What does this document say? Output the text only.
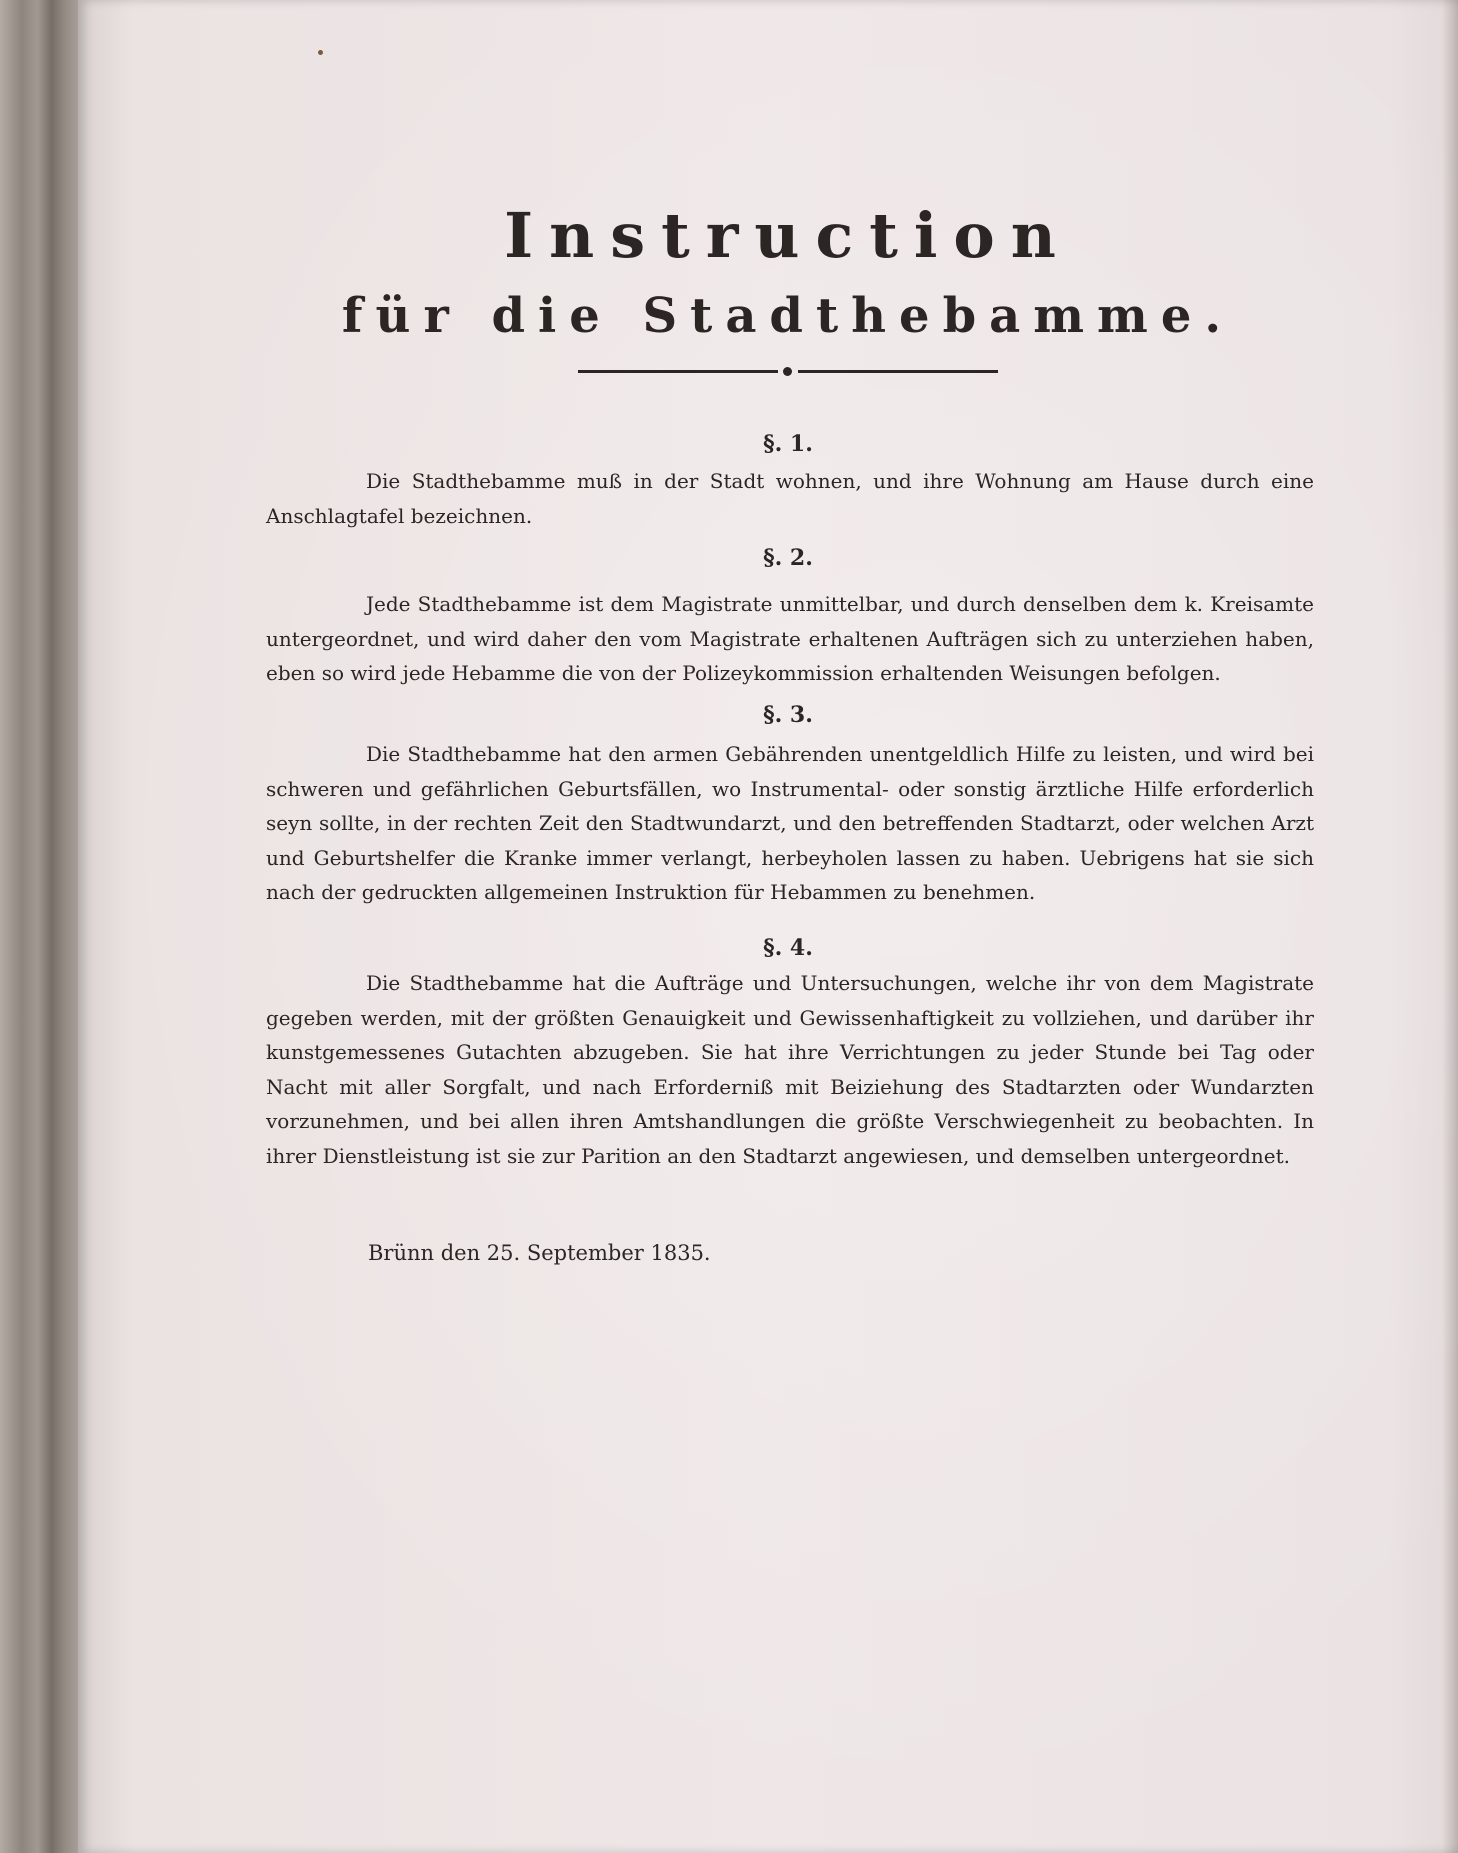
Instruction
für die Stadthebamme.
§. 1.

Die Stadthebamme muß in der Stadt wohnen, und ihre Wohnung am Hause durch eine Anschlagtafel bezeichnen.

§. 2.

Jede Stadthebamme ist dem Magistrate unmittelbar, und durch denselben dem k. Kreisamte untergeordnet, und wird daher den vom Magistrate erhaltenen Aufträgen sich zu unterziehen haben, eben so wird jede Hebamme die von der Polizeykommission erhaltenden Weisungen befolgen.

§. 3.

Die Stadthebamme hat den armen Gebährenden unentgeldlich Hilfe zu leisten, und wird bei schweren und gefährlichen Geburtsfällen, wo Instrumental- oder sonstig ärztliche Hilfe erforderlich seyn sollte, in der rechten Zeit den Stadtwundarzt, und den betreffenden Stadtarzt, oder welchen Arzt und Geburtshelfer die Kranke immer verlangt, herbeyholen lassen zu haben. Uebrigens hat sie sich nach der gedruckten allgemeinen Instruktion für Hebammen zu benehmen.

§. 4.

Die Stadthebamme hat die Aufträge und Untersuchungen, welche ihr von dem Magistrate gegeben werden, mit der größten Genauigkeit und Gewissenhaftigkeit zu vollziehen, und darüber ihr kunstgemessenes Gutachten abzugeben. Sie hat ihre Verrichtungen zu jeder Stunde bei Tag oder Nacht mit aller Sorgfalt, und nach Erforderniß mit Beiziehung des Stadtarzten oder Wundarzten vorzunehmen, und bei allen ihren Amtshandlungen die größte Verschwiegenheit zu beobachten. In ihrer Dienstleistung ist sie zur Parition an den Stadtarzt angewiesen, und demselben untergeordnet.

Brünn den 25. September 1835.
